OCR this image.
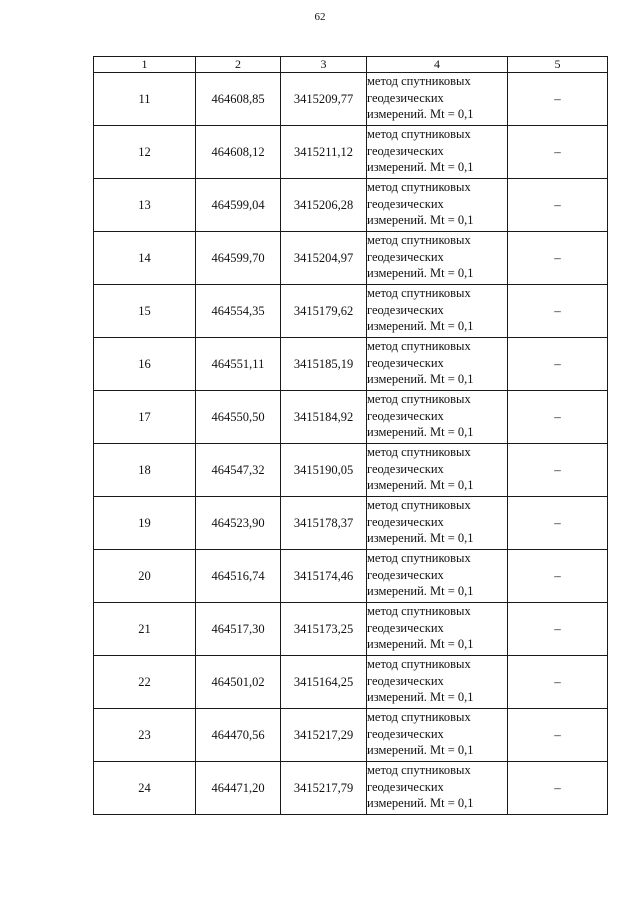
62
1	2	3	4	5
11	464608,85	3415209,77	метод спутниковых
геодезических
измерений. Mt = 0,1	–
12	464608,12	3415211,12	метод спутниковых
геодезических
измерений. Mt = 0,1	–
13	464599,04	3415206,28	метод спутниковых
геодезических
измерений. Mt = 0,1	–
14	464599,70	3415204,97	метод спутниковых
геодезических
измерений. Mt = 0,1	–
15	464554,35	3415179,62	метод спутниковых
геодезических
измерений. Mt = 0,1	–
16	464551,11	3415185,19	метод спутниковых
геодезических
измерений. Mt = 0,1	–
17	464550,50	3415184,92	метод спутниковых
геодезических
измерений. Mt = 0,1	–
18	464547,32	3415190,05	метод спутниковых
геодезических
измерений. Mt = 0,1	–
19	464523,90	3415178,37	метод спутниковых
геодезических
измерений. Mt = 0,1	–
20	464516,74	3415174,46	метод спутниковых
геодезических
измерений. Mt = 0,1	–
21	464517,30	3415173,25	метод спутниковых
геодезических
измерений. Mt = 0,1	–
22	464501,02	3415164,25	метод спутниковых
геодезических
измерений. Mt = 0,1	–
23	464470,56	3415217,29	метод спутниковых
геодезических
измерений. Mt = 0,1	–
24	464471,20	3415217,79	метод спутниковых
геодезических
измерений. Mt = 0,1	–
